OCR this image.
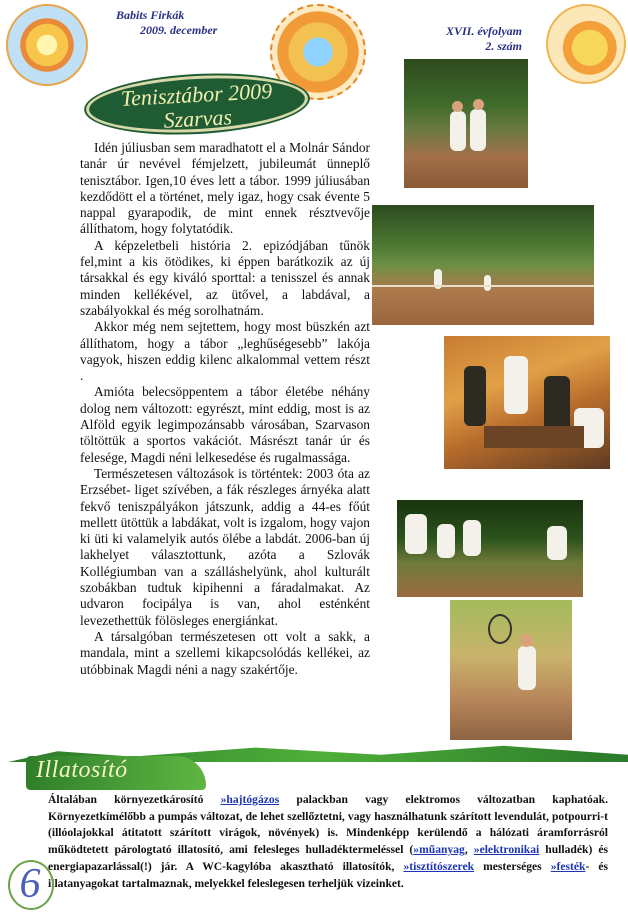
Babits Firkák
2009. december	XVII. évfolyam
2. szám
Tenisztábor 2009
Szarvas

Idén júliusban sem maradhatott el a Molnár Sándor tanár úr nevével fémjelzett, jubileumát ünneplő tenisztábor. Igen,10 éves lett a tábor. 1999 júliusában kezdődött el a történet, mely igaz, hogy csak évente 5 nappal gyarapodik, de mint ennek résztvevője állíthatom, hogy folytatódik.

A képzeletbeli história 2. epizódjában tűnök fel,mint a kis ötödikes, ki éppen barátkozik az új társakkal és egy kiváló sporttal: a tenisszel és annak minden kellékével, az ütővel, a labdával, a szabályokkal és még sorolhatnám.

Akkor még nem sejtettem, hogy most büszkén azt állíthatom, hogy a tábor „leghűségesebb” lakója vagyok, hiszen eddig kilenc alkalommal vettem részt .

Amióta belecsöppentem a tábor életébe néhány dolog nem változott: egyrészt, mint eddig, most is az Alföld egyik legimpozánsabb városában, Szarvason töltöttük a sportos vakációt. Másrészt tanár úr és felesége, Magdi néni lelkesedése és rugalmassága.

Természetesen változások is történtek: 2003 óta az Erzsébet- liget szívében, a fák részleges árnyéka alatt fekvő teniszpályákon játszunk, addig a 44-es főút mellett ütöttük a labdákat, volt is izgalom, hogy vajon ki üti ki valamelyik autós ölébe a labdát. 2006-ban új lakhelyet választottunk, azóta a Szlovák Kollégiumban van a szálláshelyünk, ahol kulturált szobákban tudtuk kipihenni a fáradalmakat. Az udvaron focipálya is van, ahol esténként levezethettük fölösleges energiánkat.

A társalgóban természetesen ott volt a sakk, a mandala, mint a szellemi kikapcsolódás kellékei, az utóbbinak Magdi néni a nagy szakértője.

Illatosító
Általában környezetkárosító »hajtógázos palackban vagy elektromos változatban kaphatóak. Környezetkímélőbb a pumpás változat, de lehet szellőztetni, vagy használhatunk szárított levendulát, potpourri-t (illóolajokkal átitatott szárított virágok, növények) is. Mindenképp kerülendő a hálózati áramforrásról működtetett párologtató illatosító, ami felesleges hulladéktermeléssel (»műanyag, »elektronikai hulladék) és energiapazarlással(!) jár. A WC-kagylóba akasztható illatosítók, »tisztítószerek mesterséges »festék- és illatanyagokat tartalmaznak, melyekkel feleslegesen terheljük vizeinket.
6
